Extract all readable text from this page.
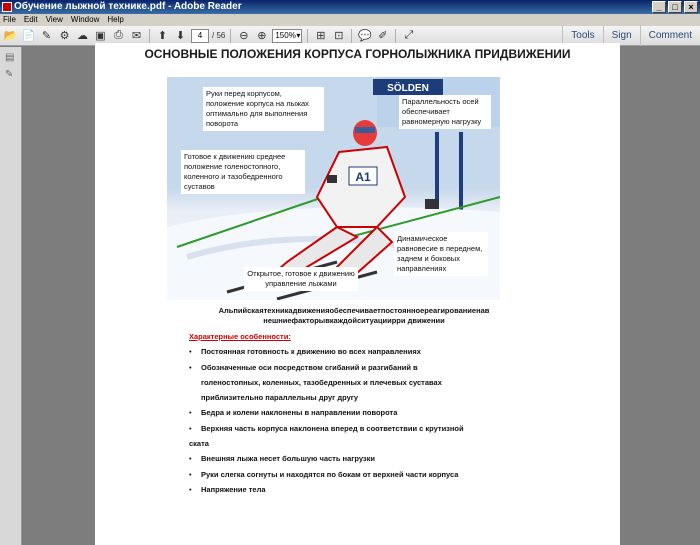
Обучение лыжной технике.pdf - Adobe Reader	_	□	×
File Edit View Window Help
📂 📄 ✎ ⚙ ☁ ▣ ⎙ ✉ ⬆ ⬇	4	/ 56 ⊖ ⊕	150% ▾	⊞ ⊡ 💬 ✐ ⤢	Tools	Sign	Comment
▤
✎
ОСНОВНЫЕ ПОЛОЖЕНИЯ КОРПУСА ГОРНОЛЫЖНИКА ПРИДВИЖЕНИИ
SÖLDEN
A1
Руки перед корпусом, положение корпуса на лыжах оптимально для выполнения поворота
Параллельность осей обеспечивает равномерную нагрузку
Готовое к движению среднее положение голеностопного, коленного и тазобедренного суставов
Динамическое равновесие в переднем, заднем и боковых направлениях
Открытое, готовое к движению управление лыжами
Альпийскаятехникадвиженияобеспечиваетпостоянноереагированиенав нешниефакторывкаждойситуацииpри движении
Характерные особенности:
• Постоянная готовность к движению во всех направлениях
• Обозначенные оси посредством сгибаний и разгибаний в
голеностопных, коленных, тазобедренных и плечевых суставах
приблизительно параллельны друг другу
• Бедра и колени наклонены в направлении поворота
• Верхняя часть корпуса наклонена вперед в соответствии с крутизной
ската
• Внешняя лыжа несет большую часть нагрузки
• Руки слегка согнуты и находятся по бокам от верхней части корпуса
• Напряжение тела
